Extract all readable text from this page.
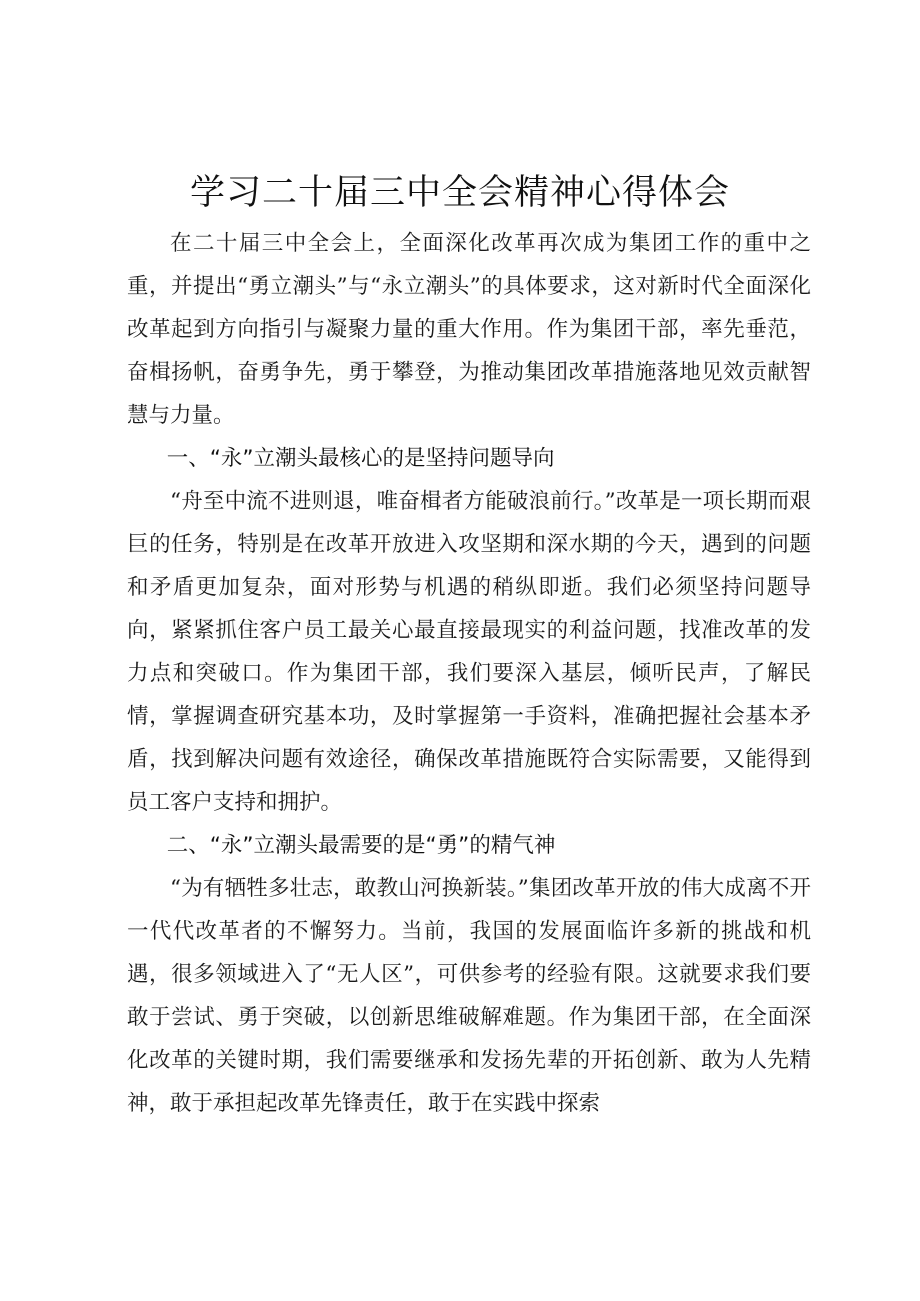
学习二十届三中全会精神心得体会

在二十届三中全会上，全面深化改革再次成为集团工作的重中之重，并提出“勇立潮头”与“永立潮头”的具体要求，这对新时代全面深化改革起到方向指引与凝聚力量的重大作用。作为集团干部，率先垂范，奋楫扬帆，奋勇争先，勇于攀登，为推动集团改革措施落地见效贡献智慧与力量。

一、“永”立潮头最核心的是坚持问题导向

“舟至中流不进则退，唯奋楫者方能破浪前行。”改革是一项长期而艰巨的任务，特别是在改革开放进入攻坚期和深水期的今天，遇到的问题和矛盾更加复杂，面对形势与机遇的稍纵即逝。我们必须坚持问题导向，紧紧抓住客户员工最关心最直接最现实的利益问题，找准改革的发力点和突破口。作为集团干部，我们要深入基层，倾听民声，了解民情，掌握调查研究基本功，及时掌握第一手资料，准确把握社会基本矛盾，找到解决问题有效途径，确保改革措施既符合实际需要，又能得到员工客户支持和拥护。

二、“永”立潮头最需要的是“勇”的精气神

“为有牺牲多壮志，敢教山河换新装。”集团改革开放的伟大成离不开一代代改革者的不懈努力。当前，我国的发展面临许多新的挑战和机遇，很多领域进入了“无人区”，可供参考的经验有限。这就要求我们要敢于尝试、勇于突破，以创新思维破解难题。作为集团干部，在全面深化改革的关键时期，我们需要继承和发扬先辈的开拓创新、敢为人先精神，敢于承担起改革先锋责任，敢于在实践中探索
